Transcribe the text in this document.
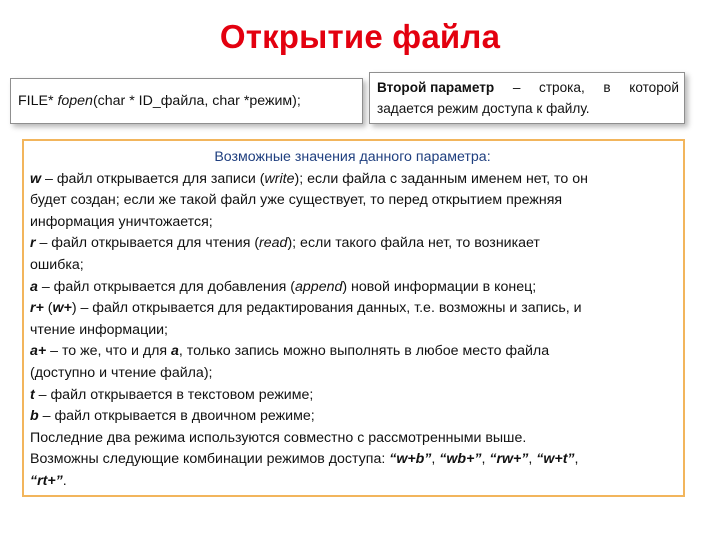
Открытие файла
FILE* fopen(char * ID_файла, char *режим);
Второй параметр – строка, в которой
задается режим доступа к файлу.
Возможные значения данного параметра:
w – файл открывается для записи (write); если файла с заданным именем нет, то он
будет создан; если же такой файл уже существует, то перед открытием прежняя
информация уничтожается;
r – файл открывается для чтения (read); если такого файла нет, то возникает
ошибка;
a – файл открывается для добавления (append) новой информации в конец;
r+ (w+) – файл открывается для редактирования данных, т.е. возможны и запись, и
чтение информации;
a+ – то же, что и для a, только запись можно выполнять в любое место файла
(доступно и чтение файла);
t – файл открывается в текстовом режиме;
b – файл открывается в двоичном режиме;
Последние два режима используются совместно с рассмотренными выше.
Возможны следующие комбинации режимов доступа: “w+b”, “wb+”, “rw+”, “w+t”,
“rt+”.
